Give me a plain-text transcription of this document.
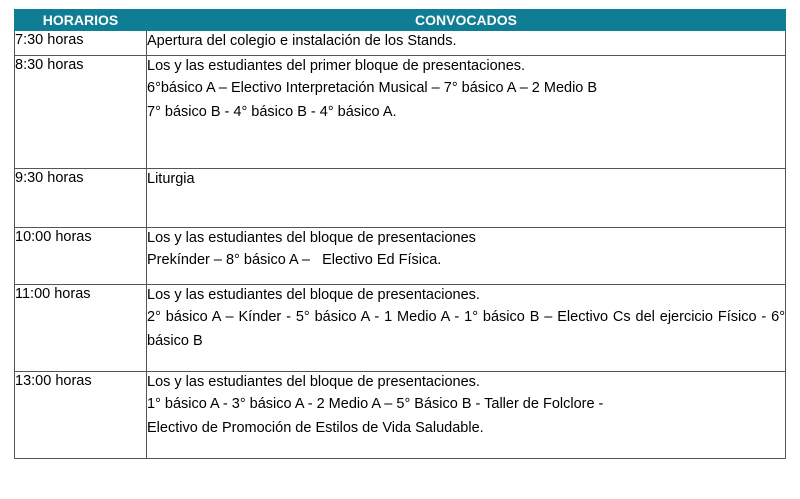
HORARIOS	CONVOCADOS
7:30 horas	Apertura del colegio e instalación de los Stands.

8:30 horas	Los y las estudiantes del primer bloque de presentaciones.
6°básico A – Electivo Interpretación Musical – 7° básico A – 2 Medio B
7° básico B - 4° básico B - 4° básico A.

9:30 horas	Liturgia

10:00 horas	Los y las estudiantes del bloque de presentaciones
Prekínder – 8° básico A –   Electivo Ed Física.

11:00 horas	Los y las estudiantes del bloque de presentaciones.
2° básico A – Kínder - 5° básico A - 1 Medio A - 1° básico B – Electivo Cs del ejercicio Físico - 6° básico B

13:00 horas	Los y las estudiantes del bloque de presentaciones.
1° básico A - 3° básico A - 2 Medio A – 5° Básico B - Taller de Folclore -
Electivo de Promoción de Estilos de Vida Saludable.
